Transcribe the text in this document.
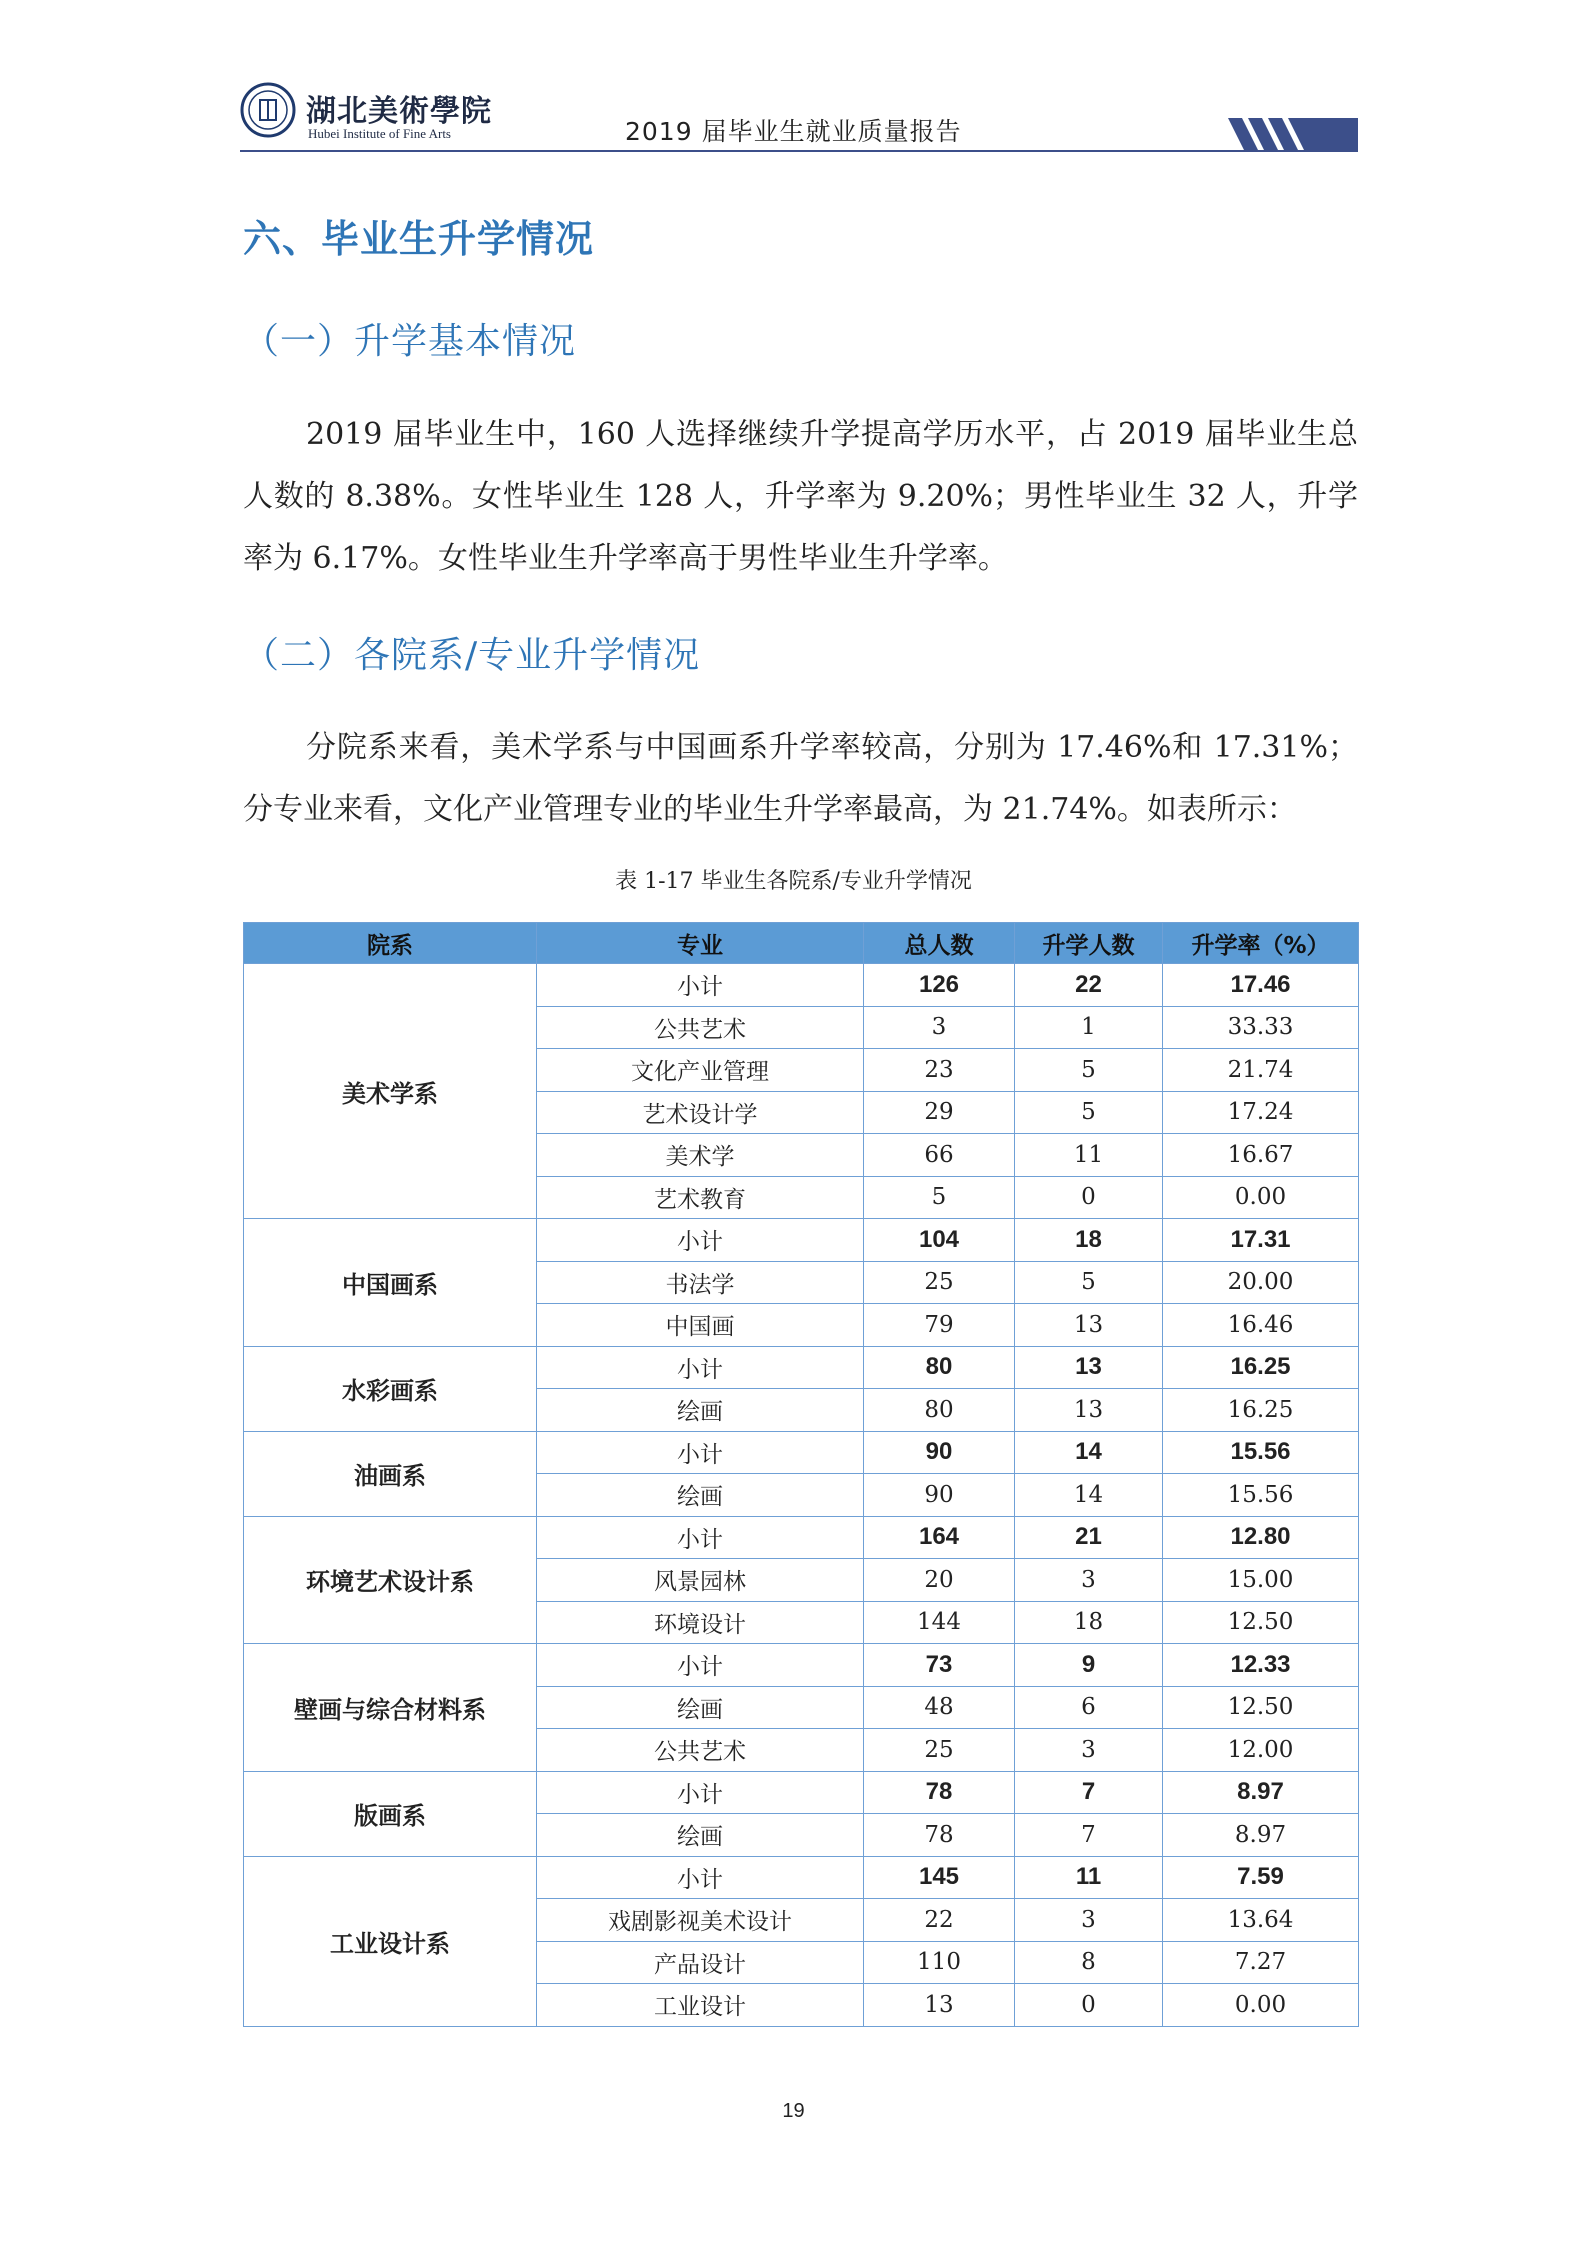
湖北美術學院
Hubei Institute of Fine Arts	2019 届毕业生就业质量报告
六、毕业生升学情况
（一）升学基本情况

2019 届毕业生中，160 人选择继续升学提高学历水平，占 2019 届毕业生总人数的 8.38%。女性毕业生 128 人，升学率为 9.20%；男性毕业生 32 人，升学率为 6.17%。女性毕业生升学率高于男性毕业生升学率。

（二）各院系/专业升学情况

分院系来看，美术学系与中国画系升学率较高，分别为 17.46%和 17.31%；分专业来看，文化产业管理专业的毕业生升学率最高，为 21.74%。如表所示：

表 1-17 毕业生各院系/专业升学情况
院系	专业	总人数	升学人数	升学率（%）
美术学系	小计	126	22	17.46
	公共艺术	3	1	33.33
	文化产业管理	23	5	21.74
	艺术设计学	29	5	17.24
	美术学	66	11	16.67
	艺术教育	5	0	0.00
中国画系	小计	104	18	17.31
	书法学	25	5	20.00
	中国画	79	13	16.46
水彩画系	小计	80	13	16.25
	绘画	80	13	16.25
油画系	小计	90	14	15.56
	绘画	90	14	15.56
环境艺术设计系	小计	164	21	12.80
	风景园林	20	3	15.00
	环境设计	144	18	12.50
壁画与综合材料系	小计	73	9	12.33
	绘画	48	6	12.50
	公共艺术	25	3	12.00
版画系	小计	78	7	8.97
	绘画	78	7	8.97
工业设计系	小计	145	11	7.59
	戏剧影视美术设计	22	3	13.64
	产品设计	110	8	7.27
	工业设计	13	0	0.00
19
